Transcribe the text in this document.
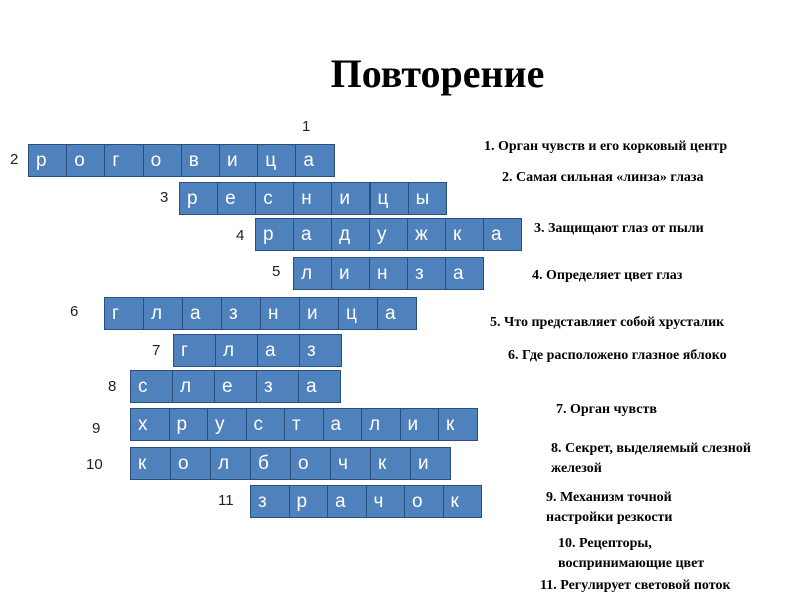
Повторение
1
2 р	о	г	о	в	и	ц	а
3 р	е	с	н	и	ц	ы
4 р	а	д	у	ж	к	а
5	л	и	н	з	а
6	г	л	а	з	н	и	ц	а
7	г	л	а	з
8	с	л	е	з	а
9	х	р	у	с	т	а	л	и	к
10	к	о	л	б	о	ч	к	и
11	з	р	а	ч	о	к
1. Орган чувств и его корковый центр
2. Самая сильная «линза» глаза
3. Защищают глаз от пыли
4. Определяет цвет глаз
5. Что представляет собой хрусталик
6. Где расположено глазное яблоко
7. Орган чувств
8. Секрет, выделяемый слезной железой
9. Механизм точной настройки резкости
10. Рецепторы, воспринимающие цвет
11. Регулирует световой поток
